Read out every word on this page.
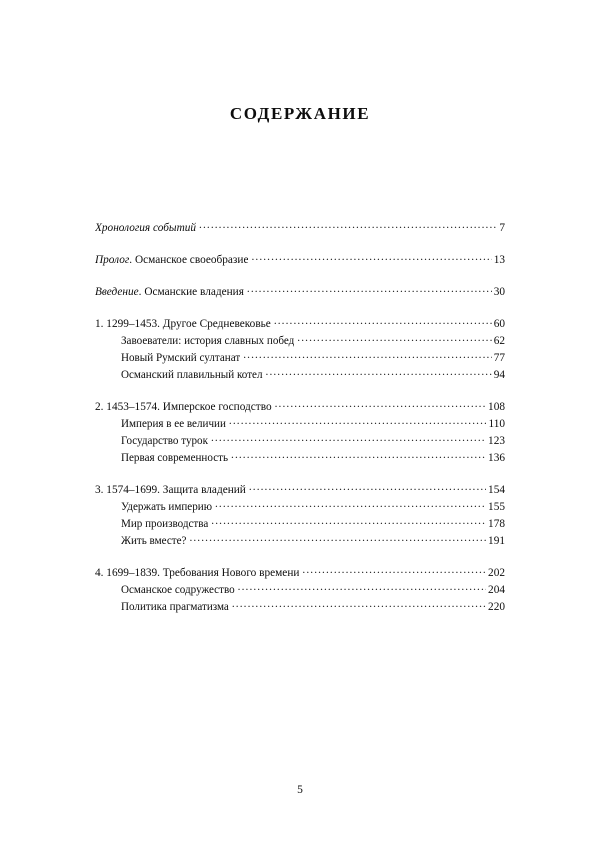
СОДЕРЖАНИЕ
Хронология событий .....	7
Пролог. Османское своеобразие .....	13
Введение. Османские владения .....	30
1. 1299–1453. Другое Средневековье .....	60
Завоеватели: история славных побед .....	62
Новый Румский султанат .....	77
Османский плавильный котел .....	94
2. 1453–1574. Имперское господство .....	108
Империя в ее величии .....	110
Государство турок .....	123
Первая современность .....	136
3. 1574–1699. Защита владений .....	154
Удержать империю .....	155
Мир производства .....	178
Жить вместе? .....	191
4. 1699–1839. Требования Нового времени .....	202
Османское содружество .....	204
Политика прагматизма .....	220
5
